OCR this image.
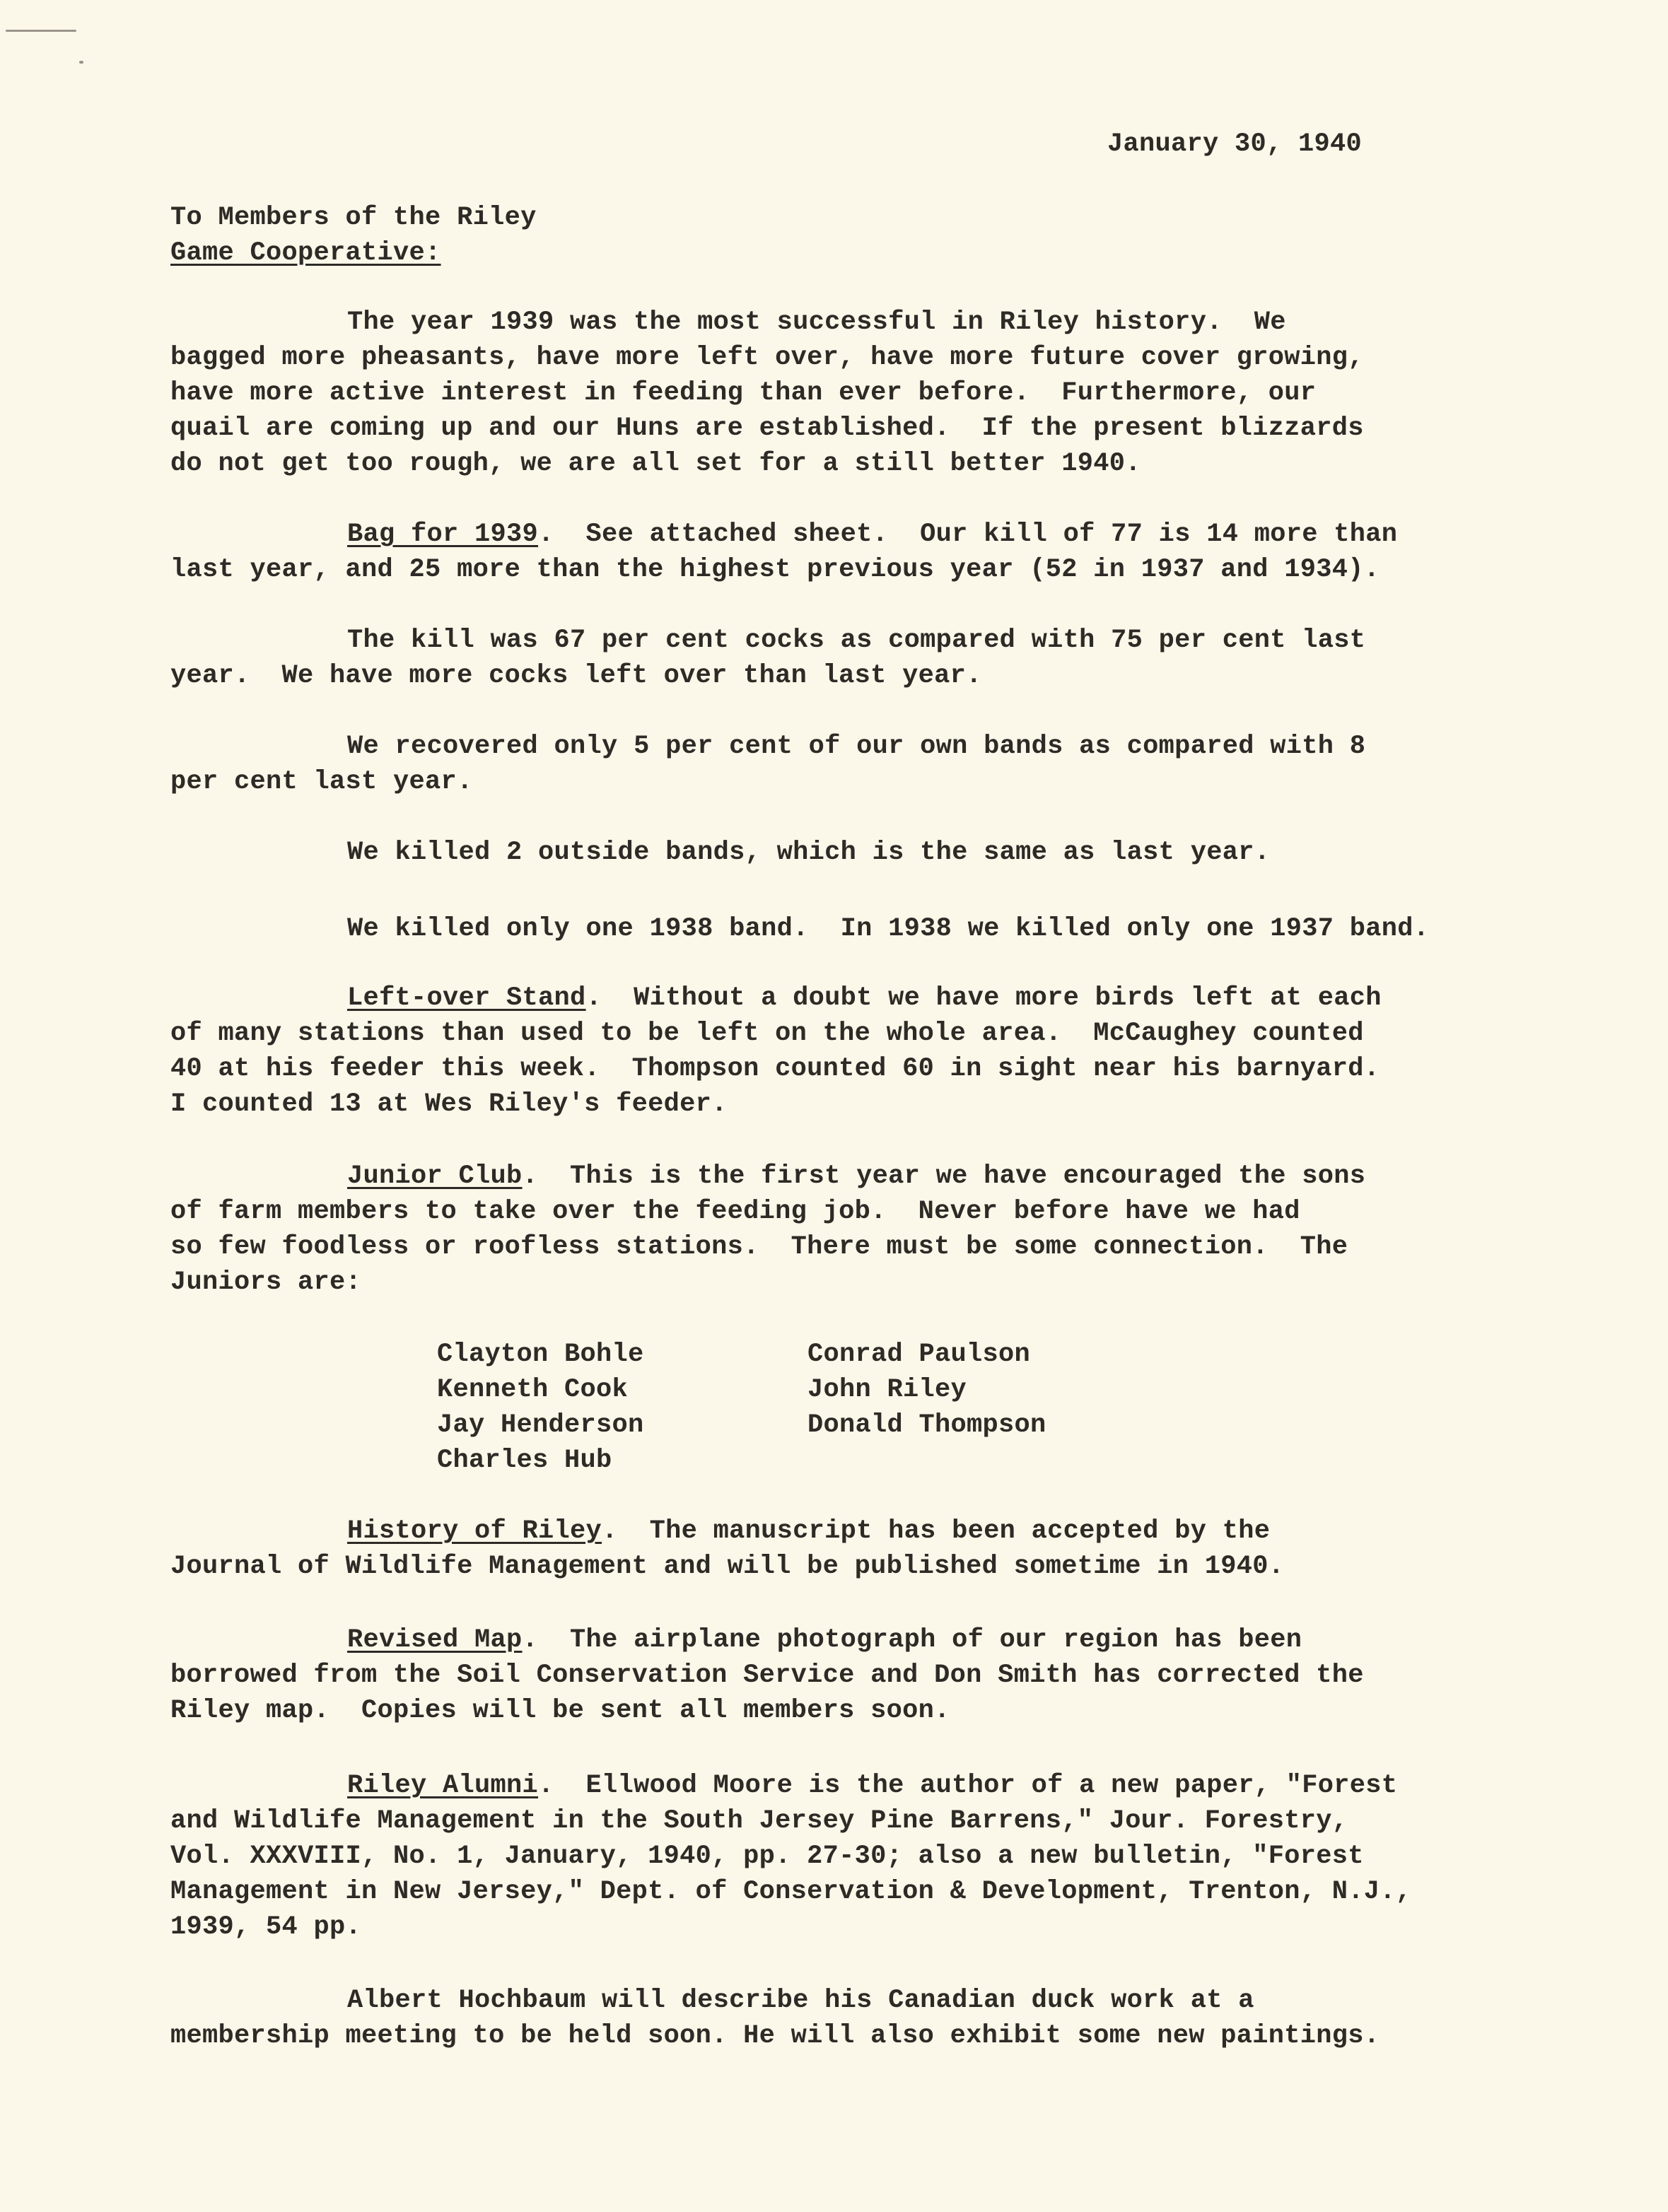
January 30, 1940

To Members of the Riley

Game Cooperative:

The year 1939 was the most successful in Riley history.  We

bagged more pheasants, have more left over, have more future cover growing,

have more active interest in feeding than ever before.  Furthermore, our

quail are coming up and our Huns are established.  If the present blizzards

do not get too rough, we are all set for a still better 1940.

Bag for 1939.  See attached sheet.  Our kill of 77 is 14 more than

last year, and 25 more than the highest previous year (52 in 1937 and 1934).

The kill was 67 per cent cocks as compared with 75 per cent last

year.  We have more cocks left over than last year.

We recovered only 5 per cent of our own bands as compared with 8

per cent last year.

We killed 2 outside bands, which is the same as last year.

We killed only one 1938 band.  In 1938 we killed only one 1937 band.

Left-over Stand.  Without a doubt we have more birds left at each

of many stations than used to be left on the whole area.  McCaughey counted

40 at his feeder this week.  Thompson counted 60 in sight near his barnyard.

I counted 13 at Wes Riley's feeder.

Junior Club.  This is the first year we have encouraged the sons

of farm members to take over the feeding job.  Never before have we had

so few foodless or roofless stations.  There must be some connection.  The

Juniors are:

Clayton Bohle

Kenneth Cook

Jay Henderson

Charles Hub

Conrad Paulson

John Riley

Donald Thompson

History of Riley.  The manuscript has been accepted by the

Journal of Wildlife Management and will be published sometime in 1940.

Revised Map.  The airplane photograph of our region has been

borrowed from the Soil Conservation Service and Don Smith has corrected the

Riley map.  Copies will be sent all members soon.

Riley Alumni.  Ellwood Moore is the author of a new paper, "Forest

and Wildlife Management in the South Jersey Pine Barrens," Jour. Forestry,

Vol. XXXVIII, No. 1, January, 1940, pp. 27-30; also a new bulletin, "Forest

Management in New Jersey," Dept. of Conservation & Development, Trenton, N.J.,

1939, 54 pp.

Albert Hochbaum will describe his Canadian duck work at a

membership meeting to be held soon. He will also exhibit some new paintings.
